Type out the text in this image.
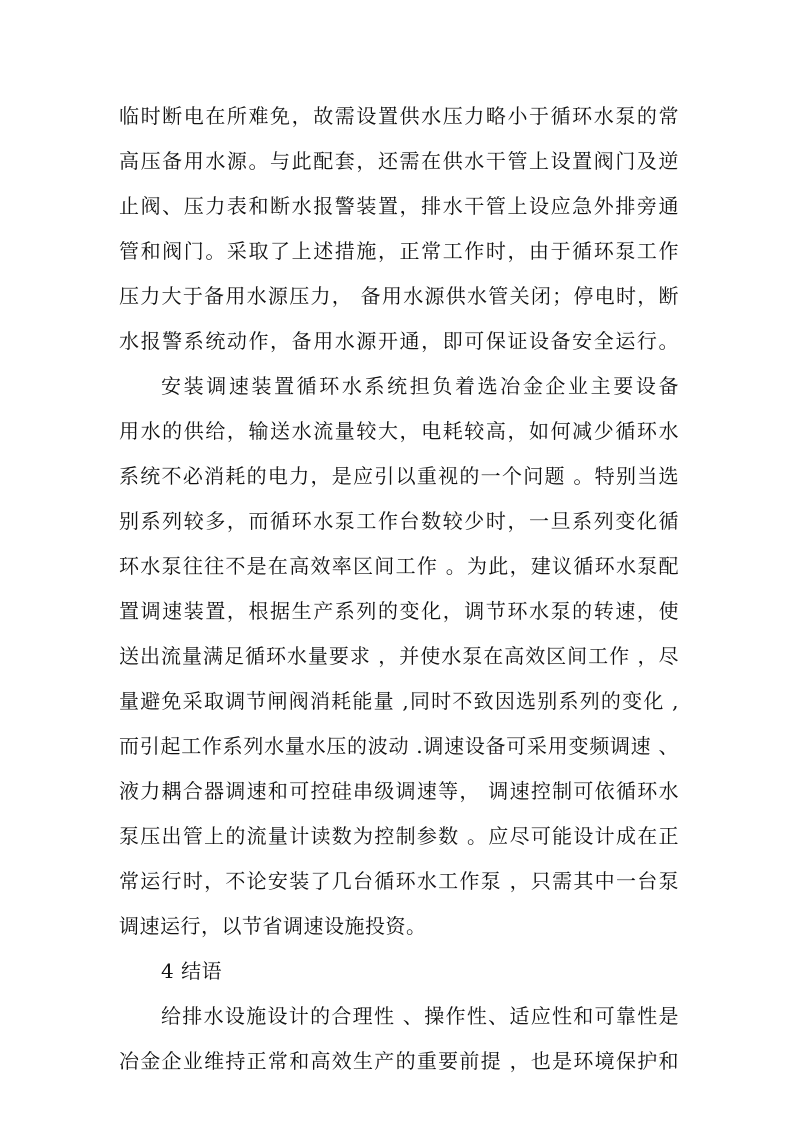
临时断电在所难免，故需设置供水压力略小于循环水泵的常
高压备用水源。与此配套，还需在供水干管上设置阀门及逆
止阀、压力表和断水报警装置，排水干管上设应急外排旁通
管和阀门。采取了上述措施，正常工作时，由于循环泵工作
压力大于备用水源压力， 备用水源供水管关闭；停电时，断
水报警系统动作，备用水源开通，即可保证设备安全运行。
安装调速装置循环水系统担负着选冶金企业主要设备
用水的供给，输送水流量较大，电耗较高，如何减少循环水
系统不必消耗的电力，是应引以重视的一个问题 。特别当选
别系列较多，而循环水泵工作台数较少时，一旦系列变化循
环水泵往往不是在高效率区间工作 。为此，建议循环水泵配
置调速装置，根据生产系列的变化，调节环水泵的转速，使
送出流量满足循环水量要求 ，并使水泵在高效区间工作 ，尽
量避免采取调节闸阀消耗能量 ,同时不致因选别系列的变化 ,
而引起工作系列水量水压的波动 .调速设备可采用变频调速 、
液力耦合器调速和可控硅串级调速等， 调速控制可依循环水
泵压出管上的流量计读数为控制参数 。应尽可能设计成在正
常运行时，不论安装了几台循环水工作泵 ，只需其中一台泵
调速运行，以节省调速设施投资。
4 结语
给排水设施设计的合理性 、操作性、适应性和可靠性是
冶金企业维持正常和高效生产的重要前提 ，也是环境保护和
